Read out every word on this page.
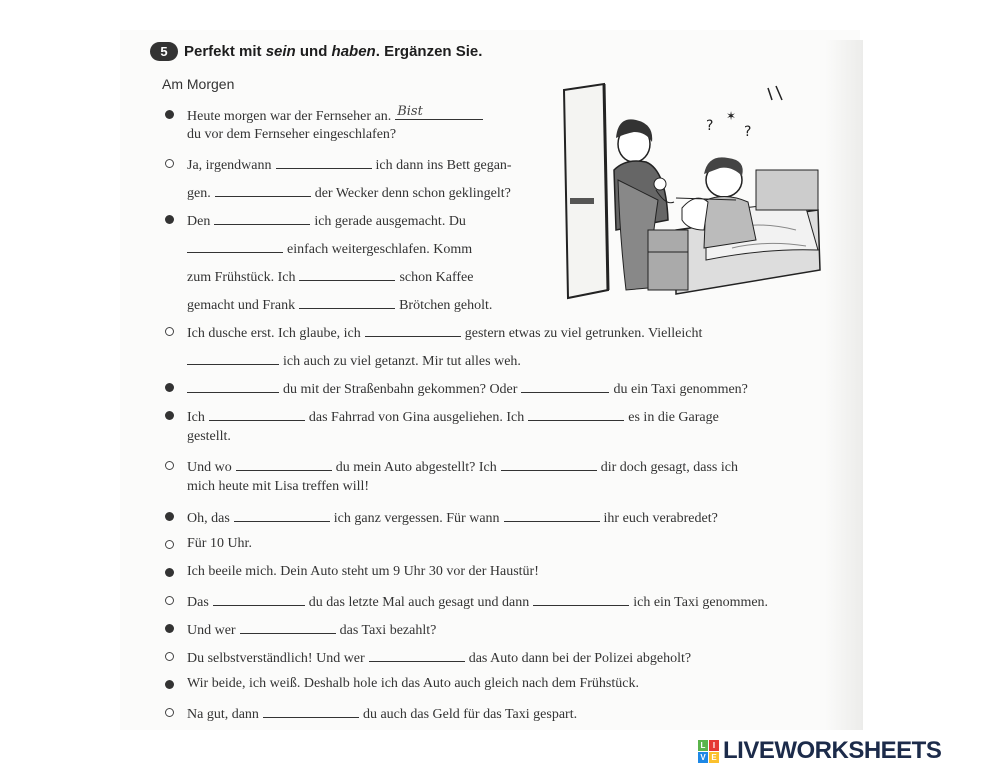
5	Perfekt mit sein und haben. Ergänzen Sie.
Am Morgen
?
✶
?
Heute morgen war der Fernseher an.
Bist
du vor dem Fernseher eingeschlafen?
Ja, irgendwann	ich dann ins Bett gegan-
gen.	der Wecker denn schon geklingelt?
Den	ich gerade ausgemacht. Du
einfach weitergeschlafen. Komm
zum Frühstück. Ich	schon Kaffee
gemacht und Frank	Brötchen geholt.
Ich dusche erst. Ich glaube, ich	gestern etwas zu viel getrunken. Vielleicht
ich auch zu viel getanzt. Mir tut alles weh.
du mit der Straßenbahn gekommen? Oder	du ein Taxi genommen?
Ich	das Fahrrad von Gina ausgeliehen. Ich	es in die Garage
gestellt.
Und wo	du mein Auto abgestellt? Ich	dir doch gesagt, dass ich
mich heute mit Lisa treffen will!
Oh, das	ich ganz vergessen. Für wann	ihr euch verabredet?
Für 10 Uhr.
Ich beeile mich. Dein Auto steht um 9 Uhr 30 vor der Haustür!
Das	du das letzte Mal auch gesagt und dann	ich ein Taxi genommen.
Und wer	das Taxi bezahlt?
Du selbstverständlich! Und wer	das Auto dann bei der Polizei abgeholt?
Wir beide, ich weiß. Deshalb hole ich das Auto auch gleich nach dem Frühstück.
Na gut, dann	du auch das Geld für das Taxi gespart.
L I
V E LIVEWORKSHEETS
